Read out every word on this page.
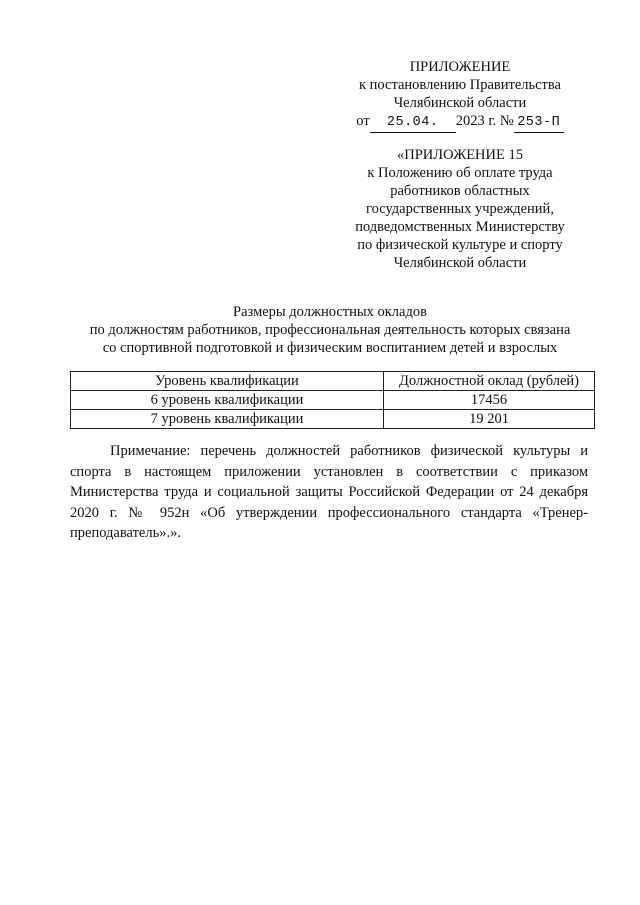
ПРИЛОЖЕНИЕ
к постановлению Правительства
Челябинской области
от 25.04. 2023 г. № 253-П
«ПРИЛОЖЕНИЕ 15
к Положению об оплате труда
работников областных
государственных учреждений,
подведомственных Министерству
по физической культуре и спорту
Челябинской области
Размеры должностных окладов
по должностям работников, профессиональная деятельность которых связана
со спортивной подготовкой и физическим воспитанием детей и взрослых
Уровень квалификации	Должностной оклад (рублей)
6 уровень квалификации	17456
7 уровень квалификации	19 201
Примечание: перечень должностей работников физической культуры и спорта в настоящем приложении установлен в соответствии с приказом Министерства труда и социальной защиты Российской Федерации от 24 декабря 2020 г. № 952н «Об утверждении профессионального стандарта «Тренер-преподаватель».».
